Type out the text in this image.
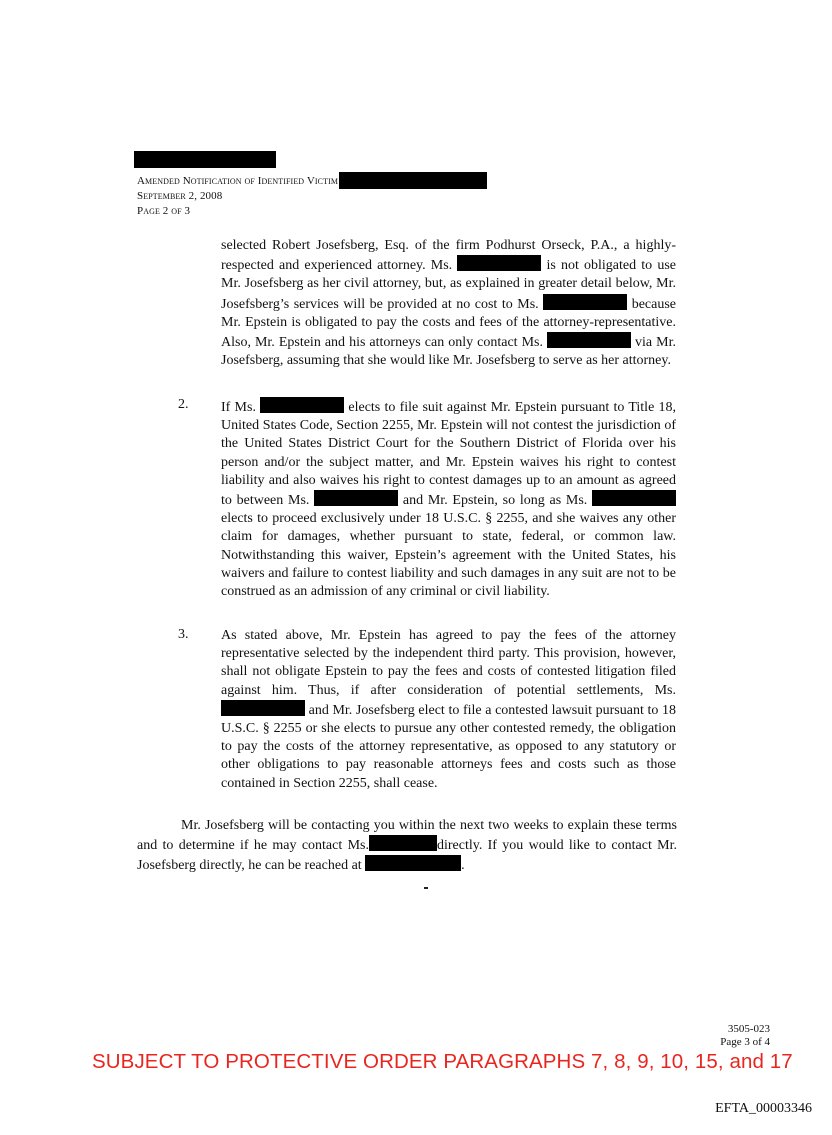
Amended Notification of Identified Victim
September 2, 2008
Page 2 of 3
selected Robert Josefsberg, Esq. of the firm Podhurst Orseck, P.A., a highly-respected and experienced attorney. Ms.	is not obligated to use Mr. Josefsberg as her civil attorney, but, as explained in greater detail below, Mr. Josefsberg’s services will be provided at no cost to Ms.	because Mr. Epstein is obligated to pay the costs and fees of the attorney-representative. Also, Mr. Epstein and his attorneys can only contact Ms.	via Mr. Josefsberg, assuming that she would like Mr. Josefsberg to serve as her attorney.
2. If Ms.	elects to file suit against Mr. Epstein pursuant to Title 18, United States Code, Section 2255, Mr. Epstein will not contest the jurisdiction of the United States District Court for the Southern District of Florida over his person and/or the subject matter, and Mr. Epstein waives his right to contest liability and also waives his right to contest damages up to an amount as agreed to between Ms.	and Mr. Epstein, so long as Ms.  elects to proceed exclusively under 18 U.S.C. § 2255, and she waives any other claim for damages, whether pursuant to state, federal, or common law. Notwithstanding this waiver, Epstein’s agreement with the United States, his waivers and failure to contest liability and such damages in any suit are not to be construed as an admission of any criminal or civil liability.
3. As stated above, Mr. Epstein has agreed to pay the fees of the attorney representative selected by the independent third party. This provision, however, shall not obligate Epstein to pay the fees and costs of contested litigation filed against him. Thus, if after consideration of potential settlements, Ms.  and Mr. Josefsberg elect to file a contested lawsuit pursuant to 18 U.S.C. § 2255 or she elects to pursue any other contested remedy, the obligation to pay the costs of the attorney representative, as opposed to any statutory or other obligations to pay reasonable attorneys fees and costs such as those contained in Section 2255, shall cease.
Mr. Josefsberg will be contacting you within the next two weeks to explain these terms and to determine if he may contact Ms.	directly. If you would like to contact Mr. Josefsberg directly, he can be reached at	.
3505-023
Page 3 of 4
SUBJECT TO PROTECTIVE ORDER PARAGRAPHS 7, 8, 9, 10, 15, and 17
EFTA_00003346
